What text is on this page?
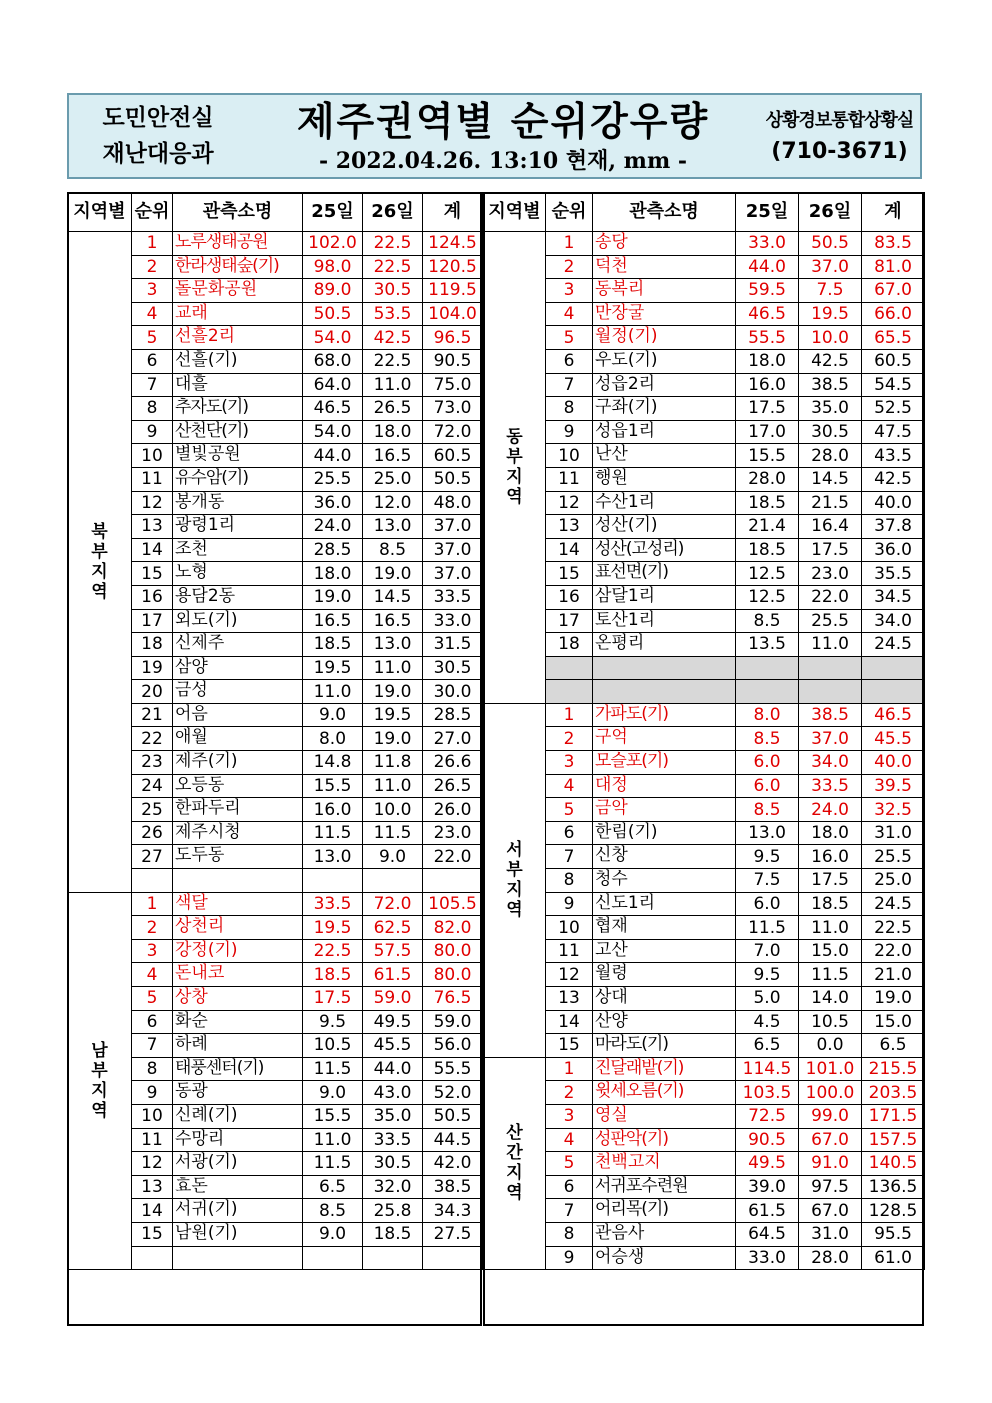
도민안전실
재난대응과
제주권역별 순위강우량
- 2022.04.26. 13:10 현재, mm -
상황경보통합상황실
(710-3671)
지역별	순위	관측소명	25일	26일	계

북
부
지
역	1	노루생태공원	102.0	22.5	124.5
	2	한라생태숲(기)	98.0	22.5	120.5
	3	돌문화공원	89.0	30.5	119.5
	4	교래	50.5	53.5	104.0
	5	선흘2리	54.0	42.5	96.5
	6	선흘(기)	68.0	22.5	90.5
	7	대흘	64.0	11.0	75.0
	8	추자도(기)	46.5	26.5	73.0
	9	산천단(기)	54.0	18.0	72.0
	10	별빛공원	44.0	16.5	60.5
	11	유수암(기)	25.5	25.0	50.5
	12	봉개동	36.0	12.0	48.0
	13	광령1리	24.0	13.0	37.0
	14	조천	28.5	8.5	37.0
	15	노형	18.0	19.0	37.0
	16	용담2동	19.0	14.5	33.5
	17	외도(기)	16.5	16.5	33.0
	18	신제주	18.5	13.0	31.5
	19	삼양	19.5	11.0	30.5
	20	금성	11.0	19.0	30.0
	21	어음	9.0	19.5	28.5
	22	애월	8.0	19.0	27.0
	23	제주(기)	14.8	11.8	26.6
	24	오등동	15.5	11.0	26.5
	25	한파두리	16.0	10.0	26.0
	26	제주시청	11.5	11.5	23.0
	27	도두동	13.0	9.0	22.0

남
부
지
역	1	색달	33.5	72.0	105.5
	2	상천리	19.5	62.5	82.0
	3	강정(기)	22.5	57.5	80.0
	4	돈내코	18.5	61.5	80.0
	5	상창	17.5	59.0	76.5
	6	화순	9.5	49.5	59.0
	7	하례	10.5	45.5	56.0
	8	태풍센터(기)	11.5	44.0	55.5
	9	동광	9.0	43.0	52.0
	10	신례(기)	15.5	35.0	50.5
	11	수망리	11.0	33.5	44.5
	12	서광(기)	11.5	30.5	42.0
	13	효돈	6.5	32.0	38.5
	14	서귀(기)	8.5	25.8	34.3
	15	남원(기)	9.0	18.5	27.5

지역별	순위	관측소명	25일	26일	계

동
부
지
역	1	송당	33.0	50.5	83.5
	2	덕천	44.0	37.0	81.0
	3	동복리	59.5	7.5	67.0
	4	만장굴	46.5	19.5	66.0
	5	월정(기)	55.5	10.0	65.5
	6	우도(기)	18.0	42.5	60.5
	7	성읍2리	16.0	38.5	54.5
	8	구좌(기)	17.5	35.0	52.5
	9	성읍1리	17.0	30.5	47.5
	10	난산	15.5	28.0	43.5
	11	행원	28.0	14.5	42.5
	12	수산1리	18.5	21.5	40.0
	13	성산(기)	21.4	16.4	37.8
	14	성산(고성리)	18.5	17.5	36.0
	15	표선면(기)	12.5	23.0	35.5
	16	삼달1리	12.5	22.0	34.5
	17	토산1리	8.5	25.5	34.0
	18	온평리	13.5	11.0	24.5

서
부
지
역	1	가파도(기)	8.0	38.5	46.5
	2	구억	8.5	37.0	45.5
	3	모슬포(기)	6.0	34.0	40.0
	4	대정	6.0	33.5	39.5
	5	금악	8.5	24.0	32.5
	6	한림(기)	13.0	18.0	31.0
	7	신창	9.5	16.0	25.5
	8	청수	7.5	17.5	25.0
	9	신도1리	6.0	18.5	24.5
	10	협재	11.5	11.0	22.5
	11	고산	7.0	15.0	22.0
	12	월령	9.5	11.5	21.0
	13	상대	5.0	14.0	19.0
	14	산양	4.5	10.5	15.0
	15	마라도(기)	6.5	0.0	6.5

산
간
지
역	1	진달래밭(기)	114.5	101.0	215.5
	2	윗세오름(기)	103.5	100.0	203.5
	3	영실	72.5	99.0	171.5
	4	성판악(기)	90.5	67.0	157.5
	5	천백고지	49.5	91.0	140.5
	6	서귀포수련원	39.0	97.5	136.5
	7	어리목(기)	61.5	67.0	128.5
	8	관음사	64.5	31.0	95.5
	9	어승생	33.0	28.0	61.0
